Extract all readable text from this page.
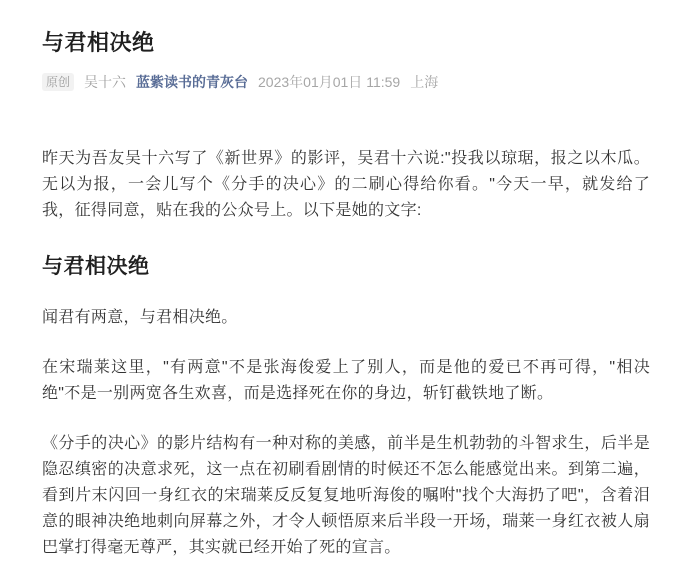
与君相决绝
原创 吴十六 蓝紫读书的青灰台 2023年01月01日 11:59 上海

昨天为吾友吴十六写了《新世界》的影评，吴君十六说:"投我以琼琚，报之以木瓜。无以为报，一会儿写个《分手的决心》的二刷心得给你看。"今天一早，就发给了我，征得同意，贴在我的公众号上。以下是她的文字:

与君相决绝

闻君有两意，与君相决绝。

在宋瑞莱这里，"有两意"不是张海俊爱上了别人，而是他的爱已不再可得，"相决绝"不是一别两宽各生欢喜，而是选择死在你的身边，斩钉截铁地了断。

《分手的决心》的影片结构有一种对称的美感，前半是生机勃勃的斗智求生，后半是隐忍缜密的决意求死，这一点在初刷看剧情的时候还不怎么能感觉出来。到第二遍，看到片末闪回一身红衣的宋瑞莱反反复复地听海俊的嘱咐"找个大海扔了吧"，含着泪意的眼神决绝地刺向屏幕之外，才令人顿悟原来后半段一开场，瑞莱一身红衣被人扇巴掌打得毫无尊严，其实就已经开始了死的宣言。
